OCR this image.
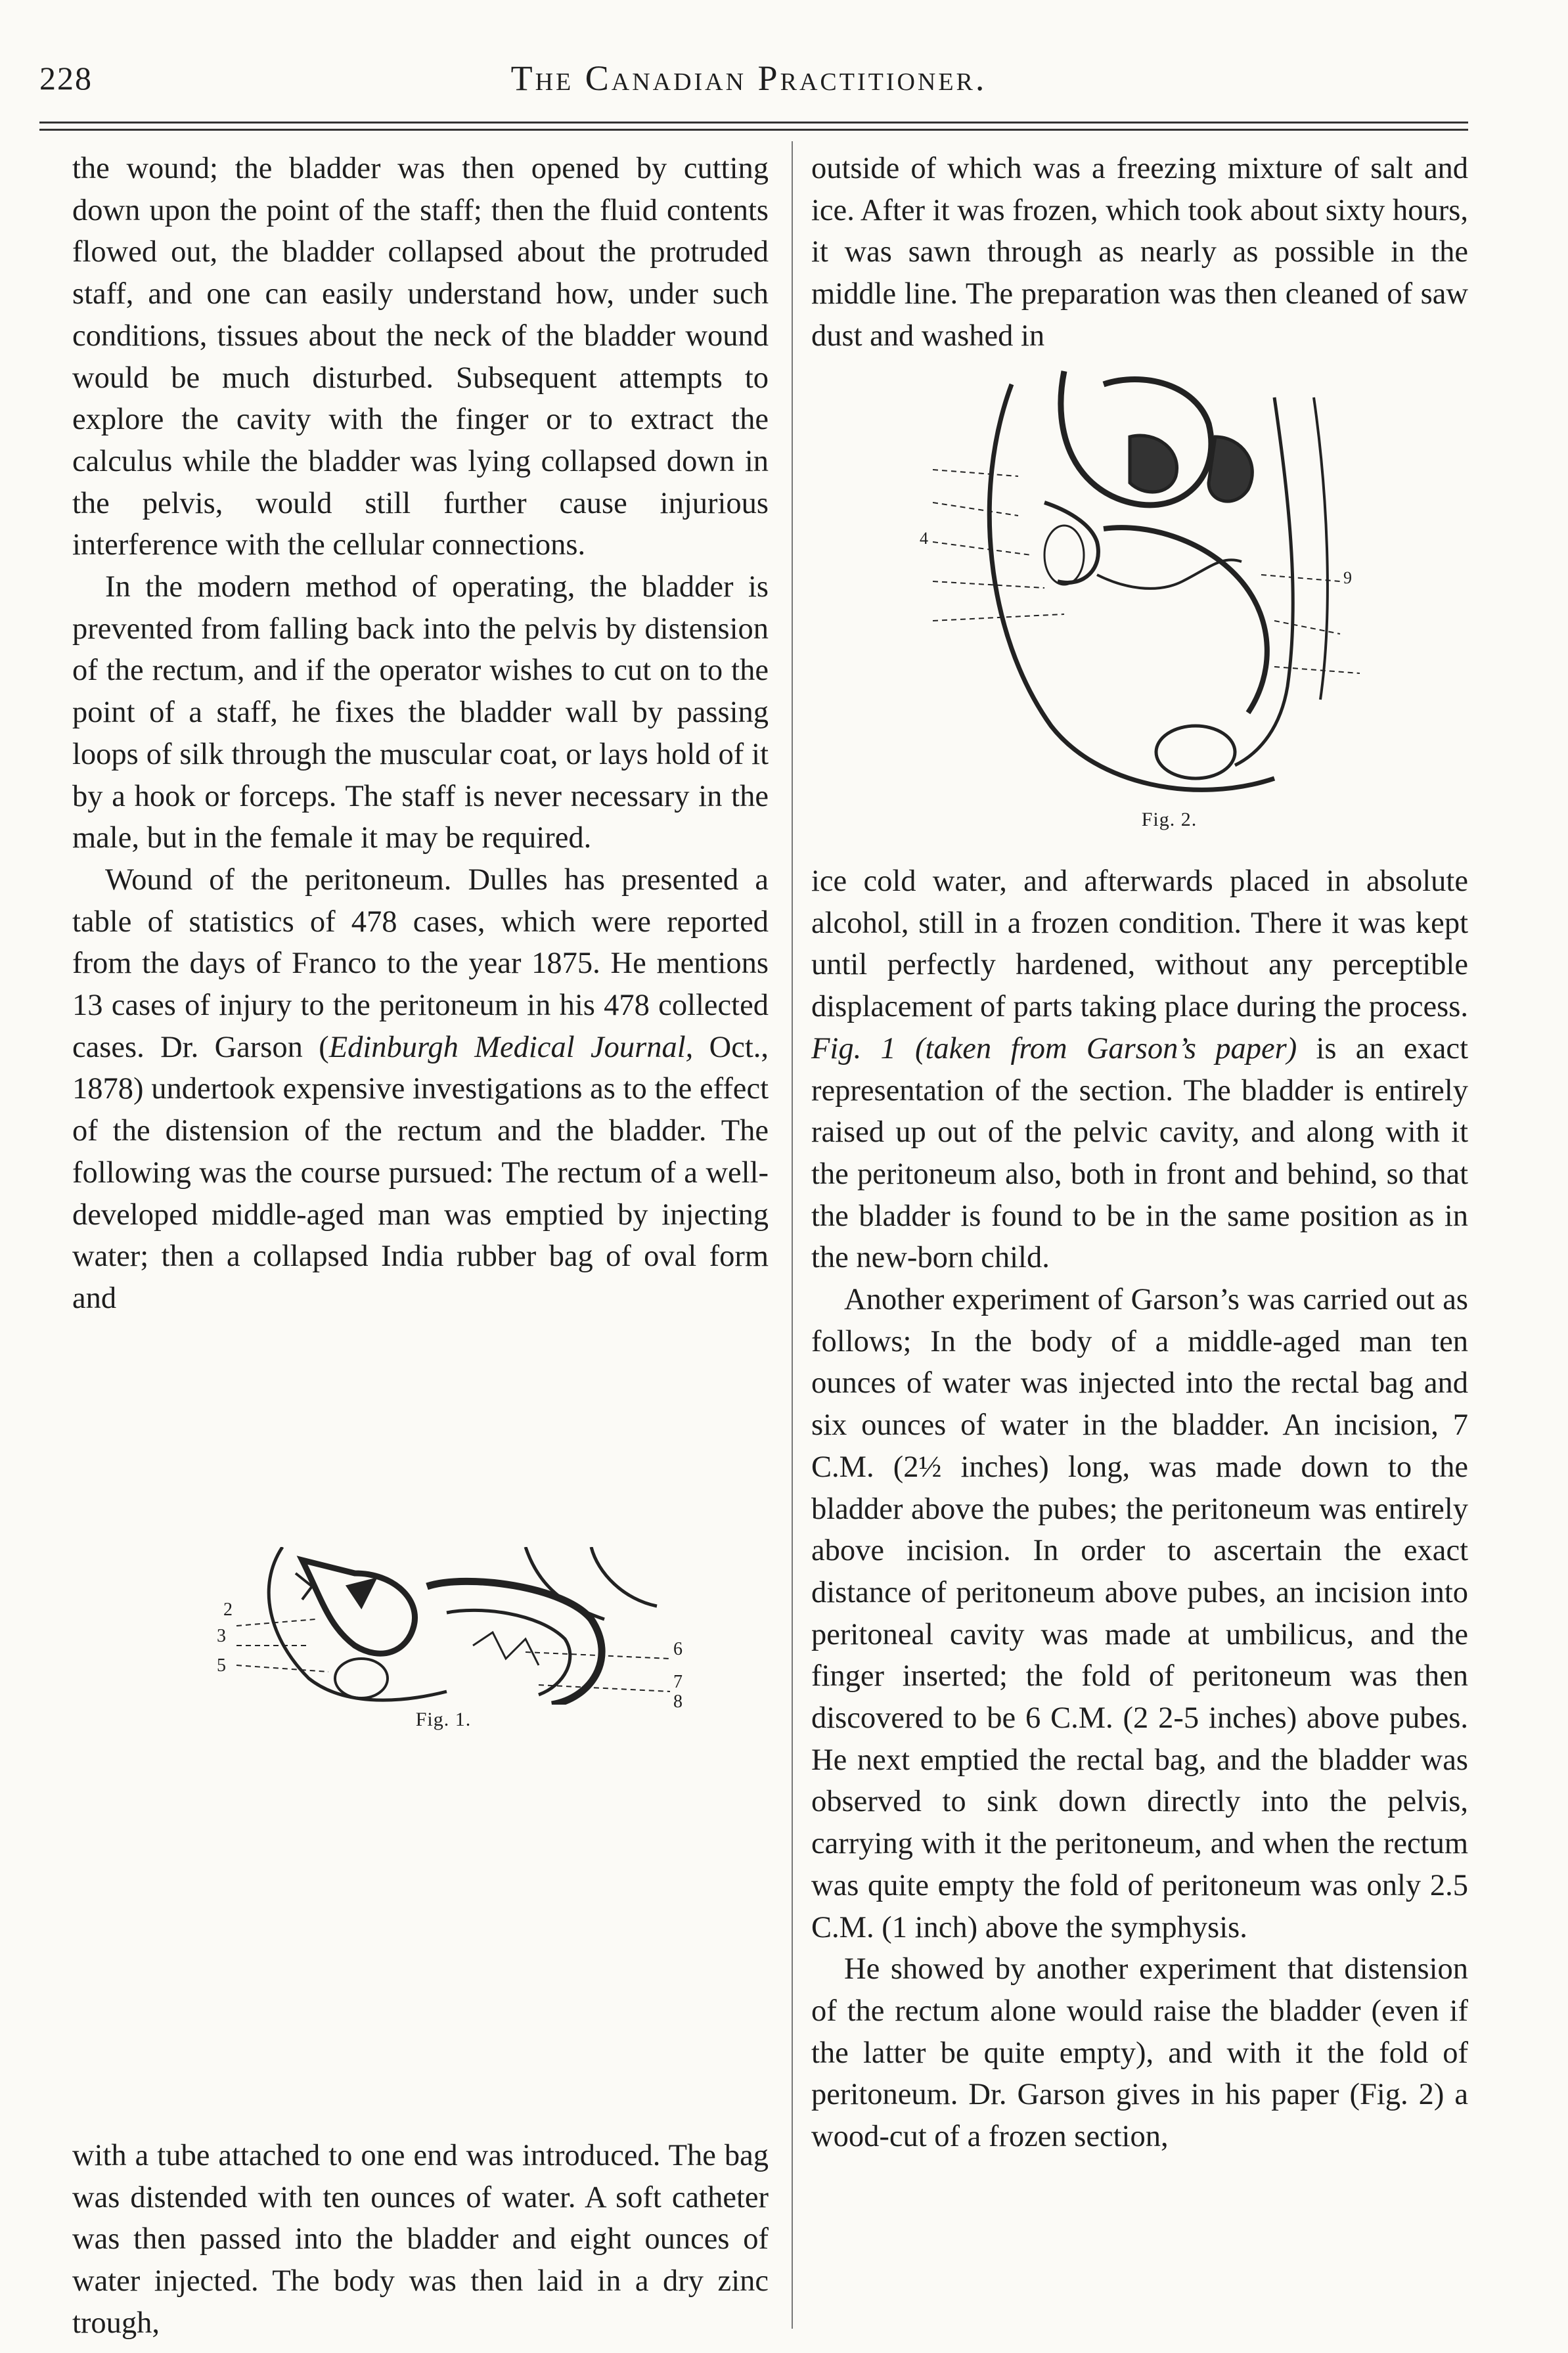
228	The Canadian Practitioner.

the wound; the bladder was then opened by cutting down upon the point of the staff; then the fluid contents flowed out, the bladder collapsed about the protruded staff, and one can easily understand how, under such conditions, tissues about the neck of the bladder wound would be much disturbed. Subsequent attempts to explore the cavity with the finger or to extract the calculus while the bladder was lying collapsed down in the pelvis, would still further cause injurious interference with the cellular connections.

In the modern method of operating, the bladder is prevented from falling back into the pelvis by distension of the rectum, and if the operator wishes to cut on to the point of a staff, he fixes the bladder wall by passing loops of silk through the muscular coat, or lays hold of it by a hook or forceps. The staff is never necessary in the male, but in the female it may be required.

Wound of the peritoneum. Dulles has presented a table of statistics of 478 cases, which were reported from the days of Franco to the year 1875. He mentions 13 cases of injury to the peritoneum in his 478 collected cases. Dr. Garson (Edinburgh Medical Journal, Oct., 1878) undertook expensive investigations as to the effect of the distension of the rectum and the bladder. The following was the course pursued: The rectum of a well-developed middle-aged man was emptied by injecting water; then a collapsed India rubber bag of oval form and

2
3
5
6
7
8
Fig. 1.

with a tube attached to one end was introduced. The bag was distended with ten ounces of water. A soft catheter was then passed into the bladder and eight ounces of water injected. The body was then laid in a dry zinc trough,

outside of which was a freezing mixture of salt and ice. After it was frozen, which took about sixty hours, it was sawn through as nearly as possible in the middle line. The preparation was then cleaned of saw dust and washed in

4
9
Fig. 2.

ice cold water, and afterwards placed in absolute alcohol, still in a frozen condition. There it was kept until perfectly hardened, without any perceptible displacement of parts taking place during the process. Fig. 1 (taken from Garson’s paper) is an exact representation of the section. The bladder is entirely raised up out of the pelvic cavity, and along with it the peritoneum also, both in front and behind, so that the bladder is found to be in the same position as in the new-born child.

Another experiment of Garson’s was carried out as follows; In the body of a middle-aged man ten ounces of water was injected into the rectal bag and six ounces of water in the bladder. An incision, 7 C.M. (2½ inches) long, was made down to the bladder above the pubes; the peritoneum was entirely above incision. In order to ascertain the exact distance of peritoneum above pubes, an incision into peritoneal cavity was made at umbilicus, and the finger inserted; the fold of peritoneum was then discovered to be 6 C.M. (2 2-5 inches) above pubes. He next emptied the rectal bag, and the bladder was observed to sink down directly into the pelvis, carrying with it the peritoneum, and when the rectum was quite empty the fold of peritoneum was only 2.5 C.M. (1 inch) above the symphysis.

He showed by another experiment that distension of the rectum alone would raise the bladder (even if the latter be quite empty), and with it the fold of peritoneum. Dr. Garson gives in his paper (Fig. 2) a wood-cut of a frozen section,
